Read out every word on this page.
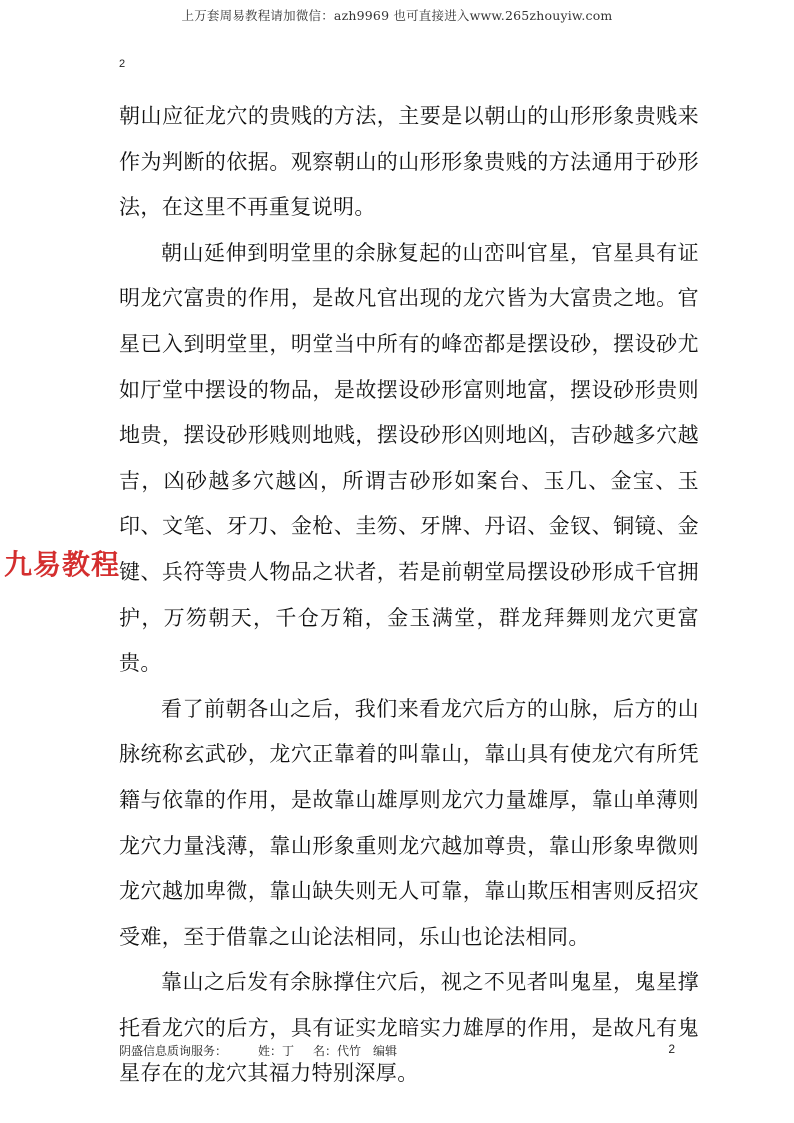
上万套周易教程请加微信：azh9969 也可直接进入www.265zhouyiw.com
2

朝山应征龙穴的贵贱的方法，主要是以朝山的山形形象贵贱来作为判断的依据。观察朝山的山形形象贵贱的方法通用于砂形法，在这里不再重复说明。

朝山延伸到明堂里的余脉复起的山峦叫官星，官星具有证明龙穴富贵的作用，是故凡官出现的龙穴皆为大富贵之地。官星已入到明堂里，明堂当中所有的峰峦都是摆设砂，摆设砂尤如厅堂中摆设的物品，是故摆设砂形富则地富，摆设砂形贵则地贵，摆设砂形贱则地贱，摆设砂形凶则地凶，吉砂越多穴越吉，凶砂越多穴越凶，所谓吉砂形如案台、玉几、金宝、玉印、文笔、牙刀、金枪、圭笏、牙牌、丹诏、金钗、铜镜、金键、兵符等贵人物品之状者，若是前朝堂局摆设砂形成千官拥护，万笏朝天，千仓万箱，金玉满堂，群龙拜舞则龙穴更富贵。

看了前朝各山之后，我们来看龙穴后方的山脉，后方的山脉统称玄武砂，龙穴正靠着的叫靠山，靠山具有使龙穴有所凭籍与依靠的作用，是故靠山雄厚则龙穴力量雄厚，靠山单薄则龙穴力量浅薄，靠山形象重则龙穴越加尊贵，靠山形象卑微则龙穴越加卑微，靠山缺失则无人可靠，靠山欺压相害则反招灾受难，至于借靠之山论法相同，乐山也论法相同。

靠山之后发有余脉撑住穴后，视之不见者叫鬼星，鬼星撑托看龙穴的后方，具有证实龙暗实力雄厚的作用，是故凡有鬼星存在的龙穴其福力特别深厚。

九易教程
阴盛信息质询服务：	姓：丁 名：代竹　编辑	2
